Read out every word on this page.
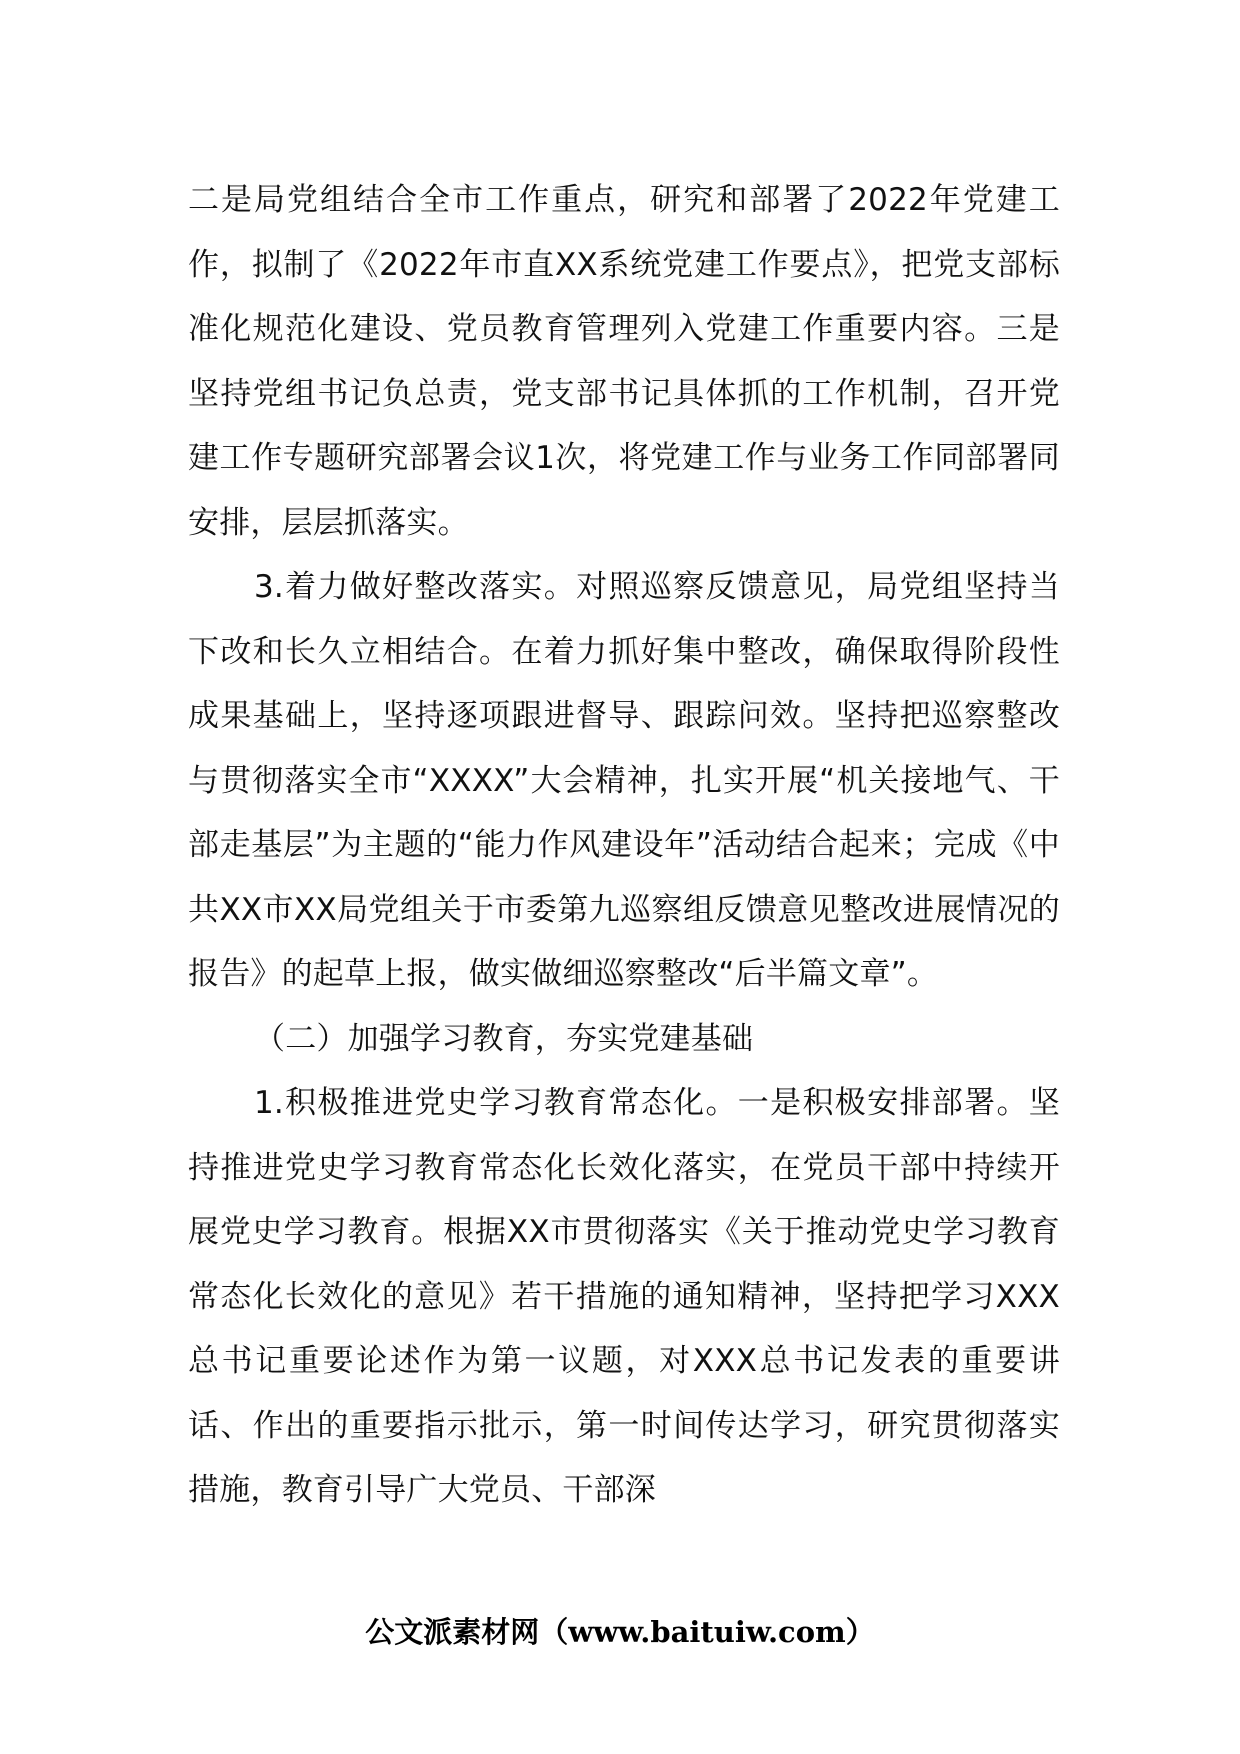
二是局党组结合全市工作重点，研究和部署了2022年党建工作，拟制了《2022年市直XX系统党建工作要点》，把党支部标准化规范化建设、党员教育管理列入党建工作重要内容。三是坚持党组书记负总责，党支部书记具体抓的工作机制，召开党建工作专题研究部署会议1次，将党建工作与业务工作同部署同安排，层层抓落实。

3.着力做好整改落实。对照巡察反馈意见，局党组坚持当下改和长久立相结合。在着力抓好集中整改，确保取得阶段性成果基础上，坚持逐项跟进督导、跟踪问效。坚持把巡察整改与贯彻落实全市“XXXX”大会精神，扎实开展“机关接地气、干部走基层”为主题的“能力作风建设年”活动结合起来；完成《中共XX市XX局党组关于市委第九巡察组反馈意见整改进展情况的报告》的起草上报，做实做细巡察整改“后半篇文章”。

（二）加强学习教育，夯实党建基础

1.积极推进党史学习教育常态化。一是积极安排部署。坚持推进党史学习教育常态化长效化落实，在党员干部中持续开展党史学习教育。根据XX市贯彻落实《关于推动党史学习教育常态化长效化的意见》若干措施的通知精神，坚持把学习XXX总书记重要论述作为第一议题，对XXX总书记发表的重要讲话、作出的重要指示批示，第一时间传达学习，研究贯彻落实措施，教育引导广大党员、干部深

公文派素材网（www.baituiw.com）
